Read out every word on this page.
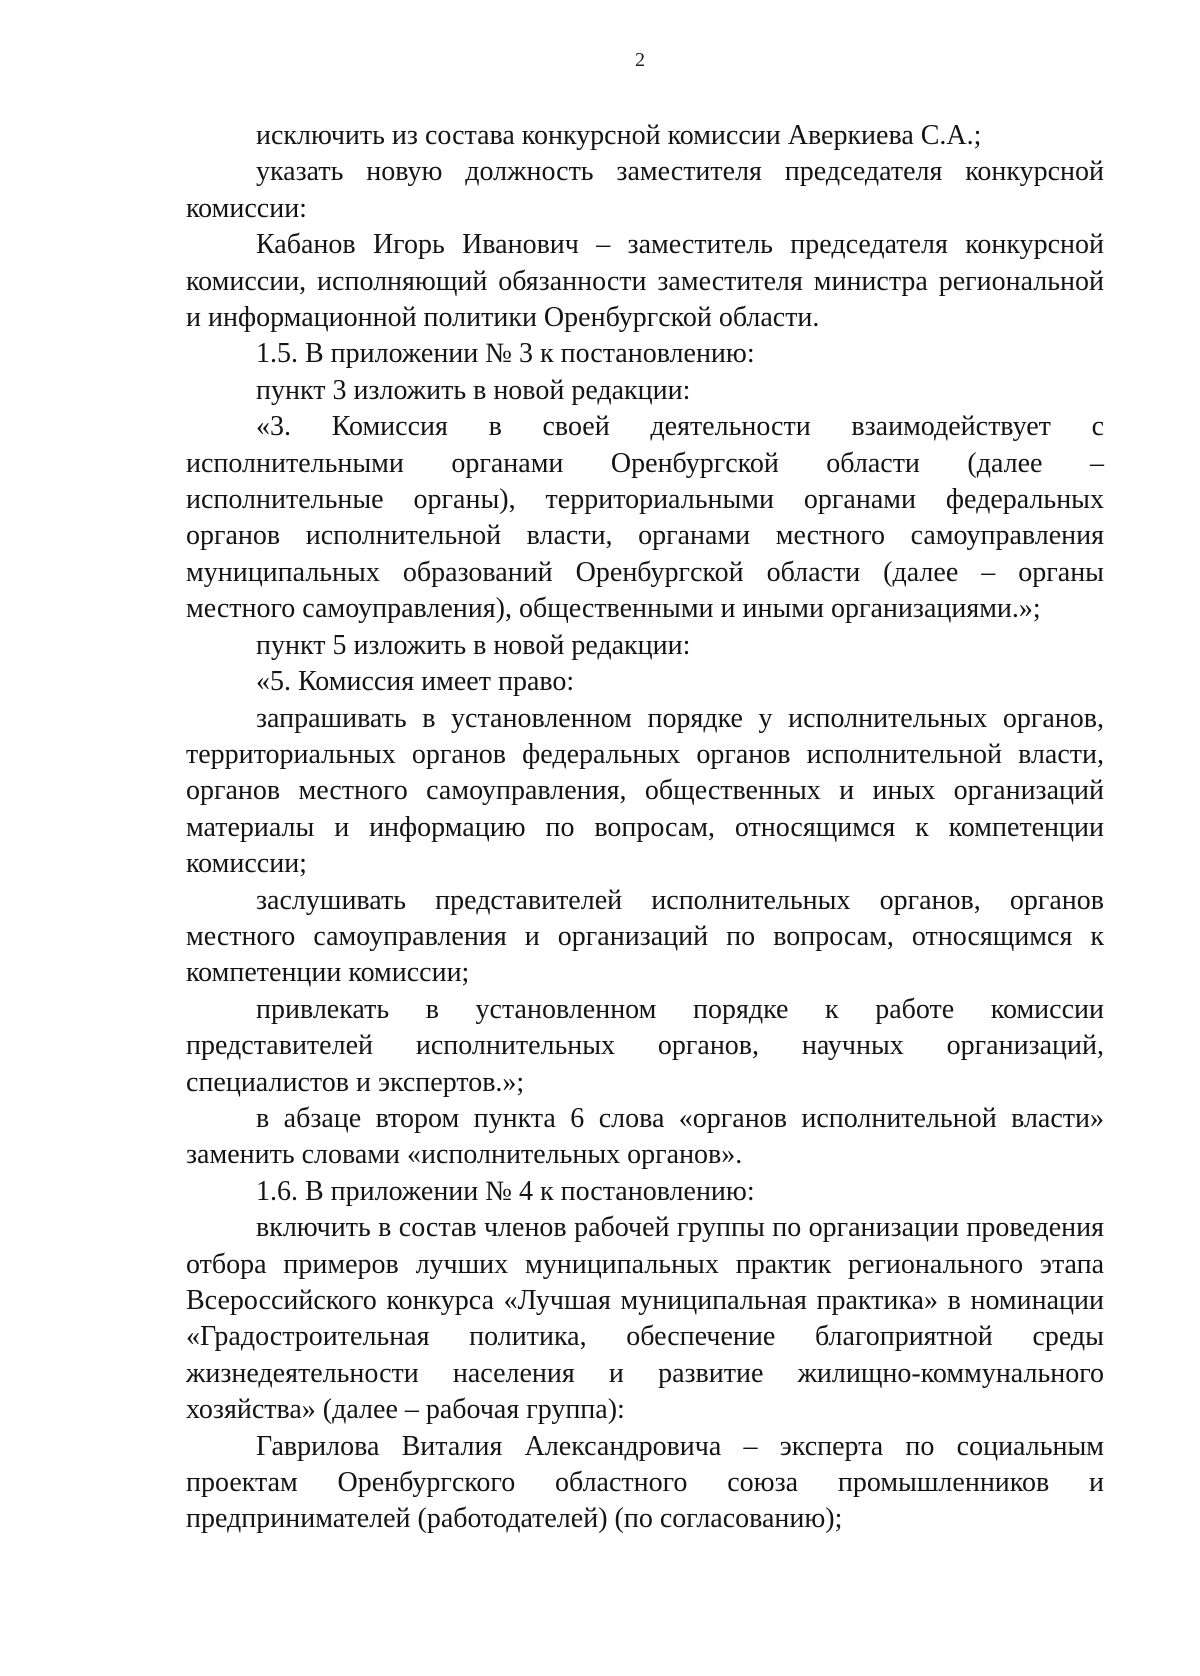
2

исключить из состава конкурсной комиссии Аверкиева С.А.;

указать новую должность заместителя председателя конкурсной комиссии:

Кабанов Игорь Иванович – заместитель председателя конкурсной комиссии, исполняющий обязанности заместителя министра региональной и информационной политики Оренбургской области.

1.5. В приложении № 3 к постановлению:

пункт 3 изложить в новой редакции:

«3. Комиссия в своей деятельности взаимодействует с исполнительными органами Оренбургской области (далее – исполнительные органы), территориальными органами федеральных органов исполнительной власти, органами местного самоуправления муниципальных образований Оренбургской области (далее – органы местного самоуправления), общественными и иными организациями.»;

пункт 5 изложить в новой редакции:

«5. Комиссия имеет право:

запрашивать в установленном порядке у исполнительных органов, территориальных органов федеральных органов исполнительной власти, органов местного самоуправления, общественных и иных организаций материалы и информацию по вопросам, относящимся к компетенции комиссии;

заслушивать представителей исполнительных органов, органов местного самоуправления и организаций по вопросам, относящимся к компетенции комиссии;

привлекать в установленном порядке к работе комиссии представителей исполнительных органов, научных организаций, специалистов и экспертов.»;

в абзаце втором пункта 6 слова «органов исполнительной власти» заменить словами «исполнительных органов».

1.6. В приложении № 4 к постановлению:

включить в состав членов рабочей группы по организации проведения отбора примеров лучших муниципальных практик регионального этапа Всероссийского конкурса «Лучшая муниципальная практика» в номинации «Градостроительная политика, обеспечение благоприятной среды жизнедеятельности населения и развитие жилищно-коммунального хозяйства» (далее – рабочая группа):

Гаврилова Виталия Александровича – эксперта по социальным проектам Оренбургского областного союза промышленников и предпринимателей (работодателей) (по согласованию);
